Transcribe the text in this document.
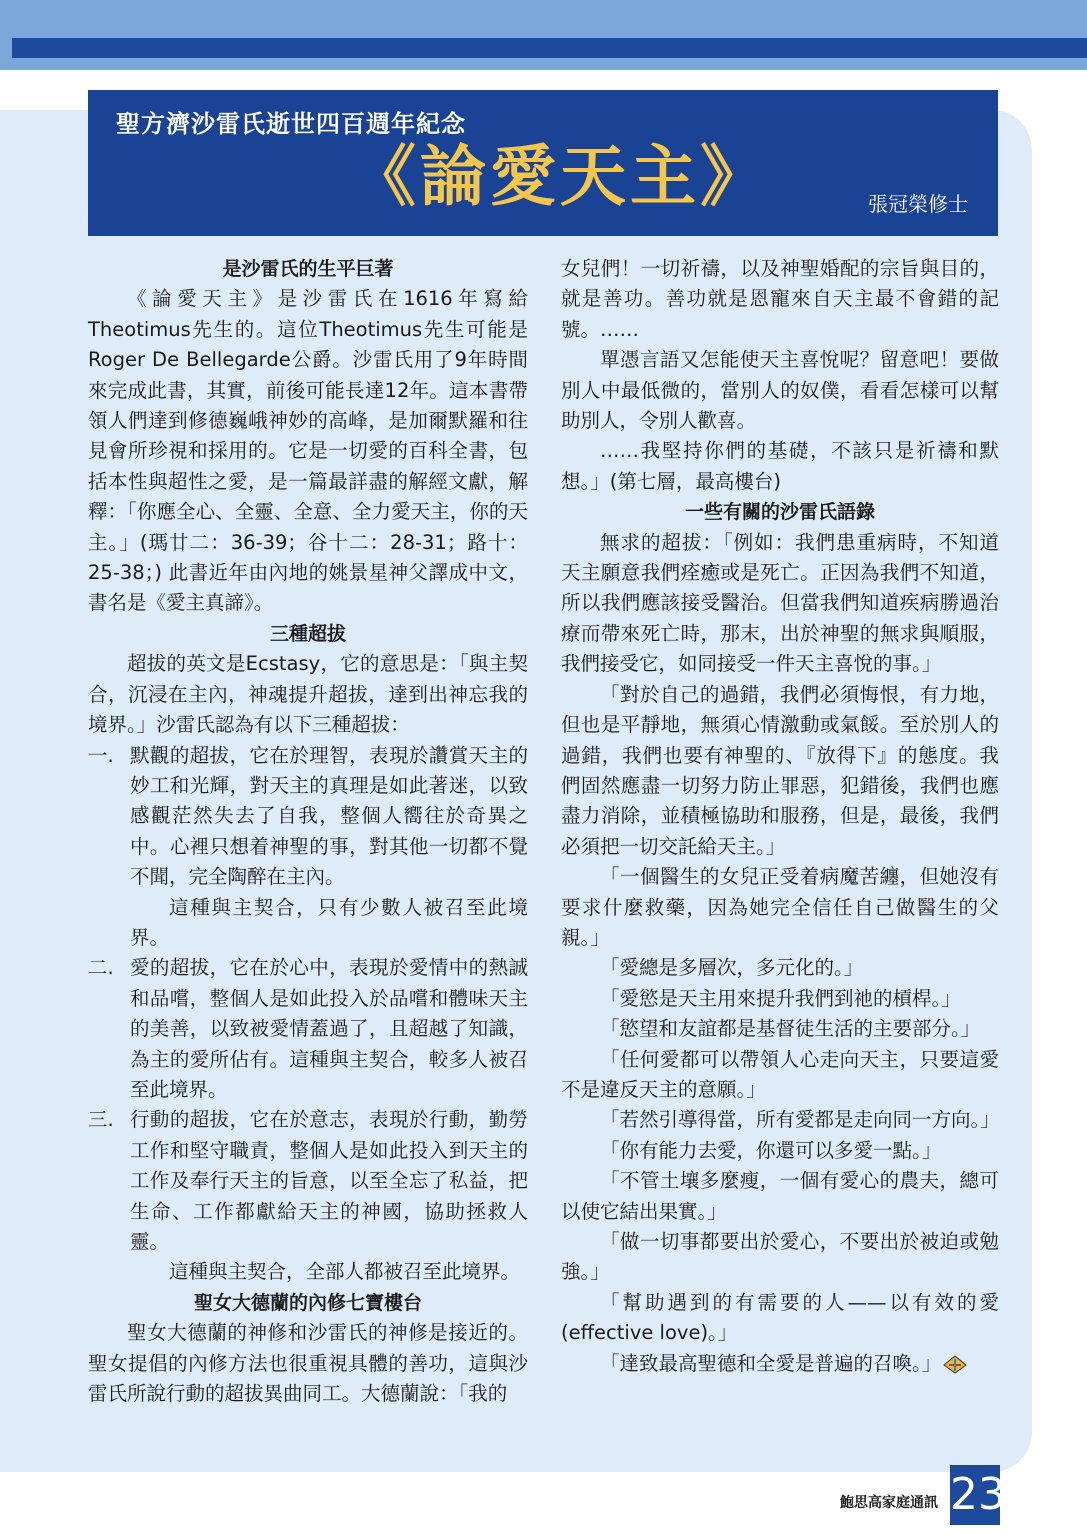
聖方濟沙雷氏逝世四百週年紀念
《論愛天主》	張冠榮修士
是沙雷氏的生平巨著

《論愛天主》是沙雷氏在1616年寫給Theotimus先生的。這位Theotimus先生可能是Roger De Bellegarde公爵。沙雷氏用了9年時間來完成此書，其實，前後可能長達12年。這本書帶領人們達到修德巍峨神妙的高峰，是加爾默羅和往見會所珍視和採用的。它是一切愛的百科全書，包括本性與超性之愛，是一篇最詳盡的解經文獻，解釋：「你應全心、全靈、全意、全力愛天主，你的天主。」(瑪廿二：36-39；谷十二：28-31；路十：25-38；) 此書近年由內地的姚景星神父譯成中文，書名是《愛主真諦》。

三種超拔

超拔的英文是Ecstasy，它的意思是：「與主契合，沉浸在主內，神魂提升超拔，達到出神忘我的境界。」沙雷氏認為有以下三種超拔：

一. 默觀的超拔，它在於理智，表現於讚賞天主的妙工和光輝，對天主的真理是如此著迷，以致感觀茫然失去了自我，整個人嚮往於奇異之中。心裡只想着神聖的事，對其他一切都不覺不聞，完全陶醉在主內。

這種與主契合，只有少數人被召至此境界。

二. 愛的超拔，它在於心中，表現於愛情中的熱誠和品嚐，整個人是如此投入於品嚐和體味天主的美善，以致被愛情蓋過了，且超越了知識，為主的愛所佔有。這種與主契合，較多人被召至此境界。
三. 行動的超拔，它在於意志，表現於行動，勤勞工作和堅守職責，整個人是如此投入到天主的工作及奉行天主的旨意，以至全忘了私益，把生命、工作都獻給天主的神國，協助拯救人靈。

這種與主契合，全部人都被召至此境界。

聖女大德蘭的內修七寶樓台

聖女大德蘭的神修和沙雷氏的神修是接近的。聖女提倡的內修方法也很重視具體的善功，這與沙雷氏所說行動的超拔異曲同工。大德蘭說：「我的

女兒們！一切祈禱，以及神聖婚配的宗旨與目的，就是善功。善功就是恩寵來自天主最不會錯的記號。……

單憑言語又怎能使天主喜悅呢？留意吧！要做別人中最低微的，當別人的奴僕，看看怎樣可以幫助別人，令別人歡喜。

……我堅持你們的基礎，不該只是祈禱和默想。」(第七層，最高樓台)

一些有關的沙雷氏語錄

無求的超拔：「例如：我們患重病時，不知道天主願意我們痊癒或是死亡。正因為我們不知道，所以我們應該接受醫治。但當我們知道疾病勝過治療而帶來死亡時，那末，出於神聖的無求與順服，我們接受它，如同接受一件天主喜悅的事。」

「對於自己的過錯，我們必須悔恨，有力地，但也是平靜地，無須心情激動或氣餒。至於別人的過錯，我們也要有神聖的、『放得下』的態度。我們固然應盡一切努力防止罪惡，犯錯後，我們也應盡力消除，並積極協助和服務，但是，最後，我們必須把一切交託給天主。」

「一個醫生的女兒正受着病魔苦纏，但她沒有要求什麼救藥，因為她完全信任自己做醫生的父親。」

「愛總是多層次，多元化的。」

「愛慾是天主用來提升我們到祂的槓桿。」

「慾望和友誼都是基督徒生活的主要部分。」

「任何愛都可以帶領人心走向天主，只要這愛不是違反天主的意願。」

「若然引導得當，所有愛都是走向同一方向。」

「你有能力去愛，你還可以多愛一點。」

「不管土壤多麼瘦，一個有愛心的農夫，總可以使它結出果實。」

「做一切事都要出於愛心，不要出於被迫或勉強。」

「幫助遇到的有需要的人——以有效的愛(effective love)。」

「達致最高聖德和全愛是普遍的召喚。」

鮑思高家庭通訊 23
